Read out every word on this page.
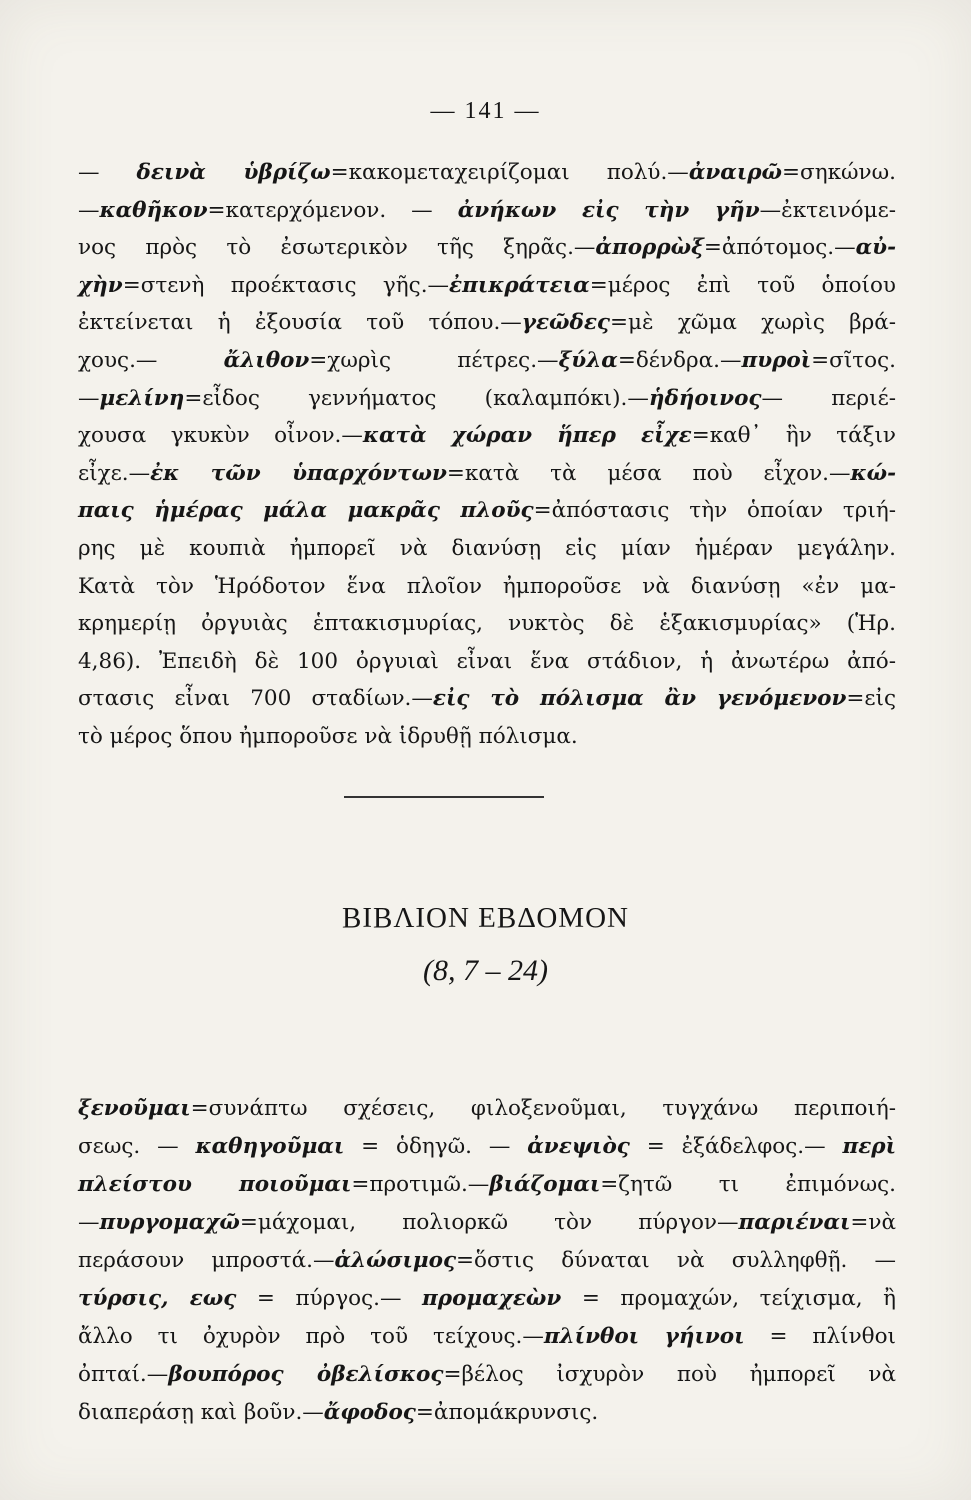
— 141 —
— δεινὰ ὑβρίζω=κακομεταχειρίζομαι πολύ.—ἀναιρῶ=σηκώνω.
—καθῆκον=κατερχόμενον. — ἀνήκων εἰς τὴν γῆν—ἐκτεινόμε-
νος πρὸς τὸ ἐσωτερικὸν τῆς ξηρᾶς.—ἀπορρὼξ=ἀπότομος.—αὐ-
χὴν=στενὴ προέκτασις γῆς.—ἐπικράτεια=μέρος ἐπὶ τοῦ ὁποίου
ἐκτείνεται ἡ ἐξουσία τοῦ τόπου.—γεῶδες=μὲ χῶμα χωρὶς βρά-
χους.— ἄλιθον=χωρὶς πέτρες.—ξύλα=δένδρα.—πυροὶ=σῖτος.
—μελίνη=εἶδος γεννήματος (καλαμπόκι).—ἡδήοινος— περιέ-
χουσα γκυκὺν οἶνον.—κατὰ χώραν ἥπερ εἶχε=καθ᾽ ἣν τάξιν
εἶχε.—ἐκ τῶν ὑπαρχόντων=κατὰ τὰ μέσα ποὺ εἶχον.—κώ-
παις ἡμέρας μάλα μακρᾶς πλοῦς=ἀπόστασις τὴν ὁποίαν τριή-
ρης μὲ κουπιὰ ἠμπορεῖ νὰ διανύσῃ εἰς μίαν ἡμέραν μεγάλην.
Κατὰ τὸν Ἡρόδοτον ἕνα πλοῖον ἠμποροῦσε νὰ διανύσῃ «ἐν μα-
κρημερίῃ ὀργυιὰς ἑπτακισμυρίας, νυκτὸς δὲ ἑξακισμυρίας» (Ἡρ.
4,86). Ἐπειδὴ δὲ 100 ὀργυιαὶ εἶναι ἕνα στάδιον, ἡ ἀνωτέρω ἀπό-
στασις εἶναι 700 σταδίων.—εἰς τὸ πόλισμα ἂν γενόμενον=εἰς
τὸ μέρος ὅπου ἠμποροῦσε νὰ ἱδρυθῇ πόλισμα.
ΒΙΒΛΙΟΝ ΕΒΔΟΜΟΝ
(8, 7 – 24)
ξενοῦμαι=συνάπτω σχέσεις, φιλοξενοῦμαι, τυγχάνω περιποιή-
σεως. — καθηγοῦμαι = ὁδηγῶ. — ἀνεψιὸς = ἐξάδελφος.— περὶ
πλείστου ποιοῦμαι=προτιμῶ.—βιάζομαι=ζητῶ τι ἐπιμόνως.
—πυργομαχῶ=μάχομαι, πολιορκῶ τὸν πύργον—παριέναι=νὰ
περάσουν μπροστά.—ἁλώσιμος=ὅστις δύναται νὰ συλληφθῇ. —
τύρσις, εως = πύργος.— προμαχεὼν = προμαχών, τείχισμα, ἢ
ἄλλο τι ὀχυρὸν πρὸ τοῦ τείχους.—πλίνθοι γήινοι = πλίνθοι
ὀπταί.—βουπόρος ὀβελίσκος=βέλος ἰσχυρὸν ποὺ ἠμπορεῖ νὰ
διαπεράσῃ καὶ βοῦν.—ἄφοδος=ἀπομάκρυνσις.
